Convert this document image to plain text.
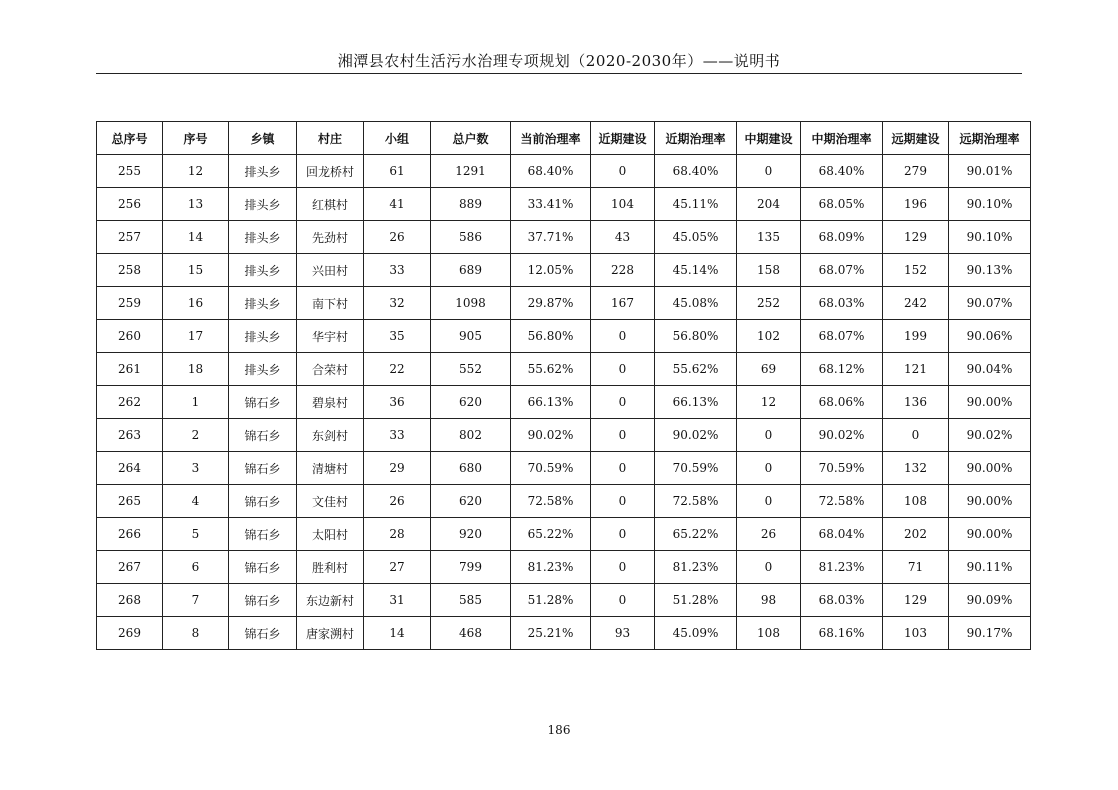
湘潭县农村生活污水治理专项规划（2020-2030年）——说明书
总序号	序号	乡镇	村庄	小组	总户数	当前治理率	近期建设	近期治理率	中期建设	中期治理率	远期建设	远期治理率
255	12	排头乡	回龙桥村	61	1291	68.40%	0	68.40%	0	68.40%	279	90.01%
256	13	排头乡	红棋村	41	889	33.41%	104	45.11%	204	68.05%	196	90.10%
257	14	排头乡	先劲村	26	586	37.71%	43	45.05%	135	68.09%	129	90.10%
258	15	排头乡	兴田村	33	689	12.05%	228	45.14%	158	68.07%	152	90.13%
259	16	排头乡	南下村	32	1098	29.87%	167	45.08%	252	68.03%	242	90.07%
260	17	排头乡	华宇村	35	905	56.80%	0	56.80%	102	68.07%	199	90.06%
261	18	排头乡	合荣村	22	552	55.62%	0	55.62%	69	68.12%	121	90.04%
262	1	锦石乡	碧泉村	36	620	66.13%	0	66.13%	12	68.06%	136	90.00%
263	2	锦石乡	东剑村	33	802	90.02%	0	90.02%	0	90.02%	0	90.02%
264	3	锦石乡	清塘村	29	680	70.59%	0	70.59%	0	70.59%	132	90.00%
265	4	锦石乡	文佳村	26	620	72.58%	0	72.58%	0	72.58%	108	90.00%
266	5	锦石乡	太阳村	28	920	65.22%	0	65.22%	26	68.04%	202	90.00%
267	6	锦石乡	胜利村	27	799	81.23%	0	81.23%	0	81.23%	71	90.11%
268	7	锦石乡	东边新村	31	585	51.28%	0	51.28%	98	68.03%	129	90.09%
269	8	锦石乡	唐家溯村	14	468	25.21%	93	45.09%	108	68.16%	103	90.17%
186
